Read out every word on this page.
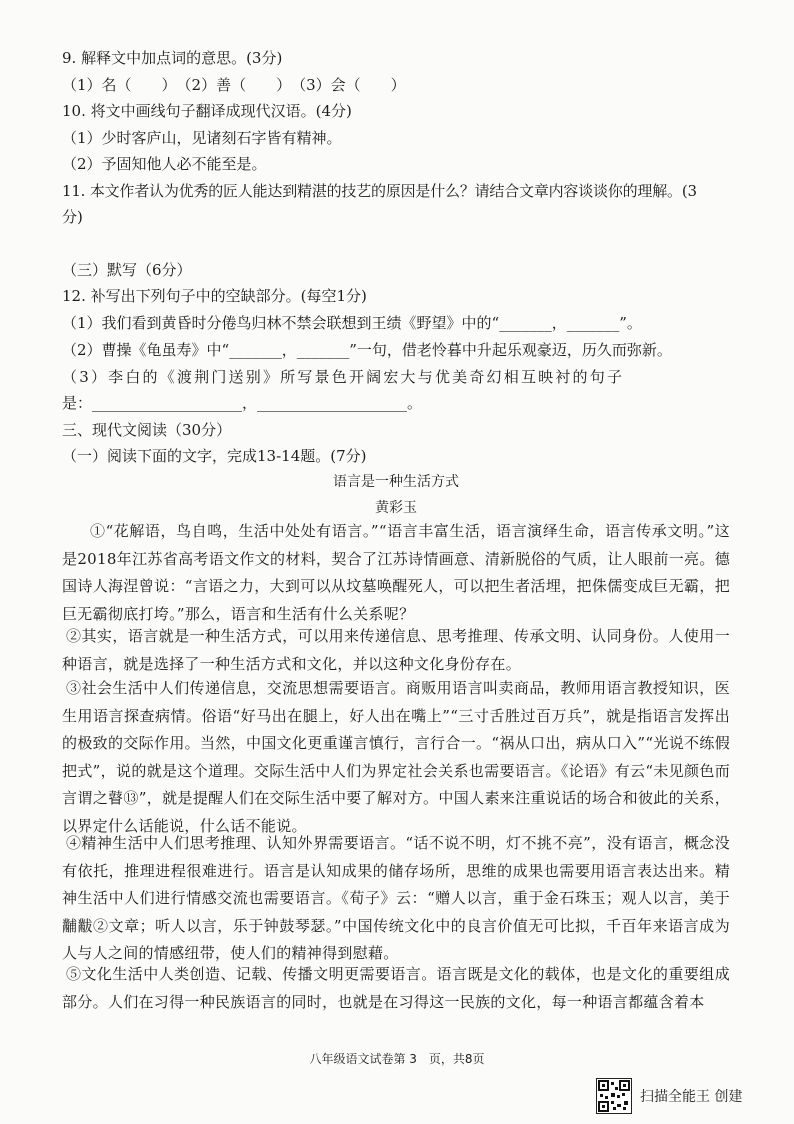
9. 解释文中加点词的意思。(3分)
（1）名（　　）　（2）善（　　）　（3）会（　　）
10. 将文中画线句子翻译成现代汉语。(4分)
（1）少时客庐山，见诸刻石字皆有精神。
（2）予固知他人必不能至是。
11. 本文作者认为优秀的匠人能达到精湛的技艺的原因是什么？请结合文章内容谈谈你的理解。(3
分)
（三）默写（6分）
12. 补写出下列句子中的空缺部分。(每空1分)
（1）我们看到黄昏时分倦鸟归林不禁会联想到王绩《野望》中的“_______，_______”。
（2）曹操《龟虽寿》中“_______，_______”一句，借老怜暮中升起乐观豪迈，历久而弥新。
（3）李白的《渡荆门送别》所写景色开阔宏大与优美奇幻相互映衬的句子
是：____________________，____________________。
三、现代文阅读（30分）
（一）阅读下面的文字，完成13-14题。(7分)
语言是一种生活方式
黄彩玉
①“花解语，鸟自鸣，生活中处处有语言。”“语言丰富生活，语言演绎生命，语言传承文明。”这是2018年江苏省高考语文作文的材料，契合了江苏诗情画意、清新脱俗的气质，让人眼前一亮。德国诗人海涅曾说：“言语之力，大到可以从坟墓唤醒死人，可以把生者活埋，把侏儒变成巨无霸，把巨无霸彻底打垮。”那么，语言和生活有什么关系呢？
②其实，语言就是一种生活方式，可以用来传递信息、思考推理、传承文明、认同身份。人使用一种语言，就是选择了一种生活方式和文化，并以这种文化身份存在。
③社会生活中人们传递信息，交流思想需要语言。商贩用语言叫卖商品，教师用语言教授知识，医生用语言探查病情。俗语“好马出在腿上，好人出在嘴上”“三寸舌胜过百万兵”，就是指语言发挥出的极致的交际作用。当然，中国文化更重谨言慎行，言行合一。“祸从口出，病从口入”“光说不练假把式”，说的就是这个道理。交际生活中人们为界定社会关系也需要语言。《论语》有云“未见颜色而言谓之瞽⑬”，就是提醒人们在交际生活中要了解对方。中国人素来注重说话的场合和彼此的关系，以界定什么话能说，什么话不能说。
④精神生活中人们思考推理、认知外界需要语言。“话不说不明，灯不挑不亮”，没有语言，概念没有依托，推理进程很难进行。语言是认知成果的储存场所，思维的成果也需要用语言表达出来。精神生活中人们进行情感交流也需要语言。《荀子》云：“赠人以言，重于金石珠玉；观人以言，美于黼黻②文章；听人以言，乐于钟鼓琴瑟。”中国传统文化中的良言价值无可比拟，千百年来语言成为人与人之间的情感纽带，使人们的精神得到慰藉。
⑤文化生活中人类创造、记载、传播文明更需要语言。语言既是文化的载体，也是文化的重要组成部分。人们在习得一种民族语言的同时，也就是在习得这一民族的文化，每一种语言都蕴含着本
八年级语文试卷第 3　页，共8页
扫描全能王 创建
